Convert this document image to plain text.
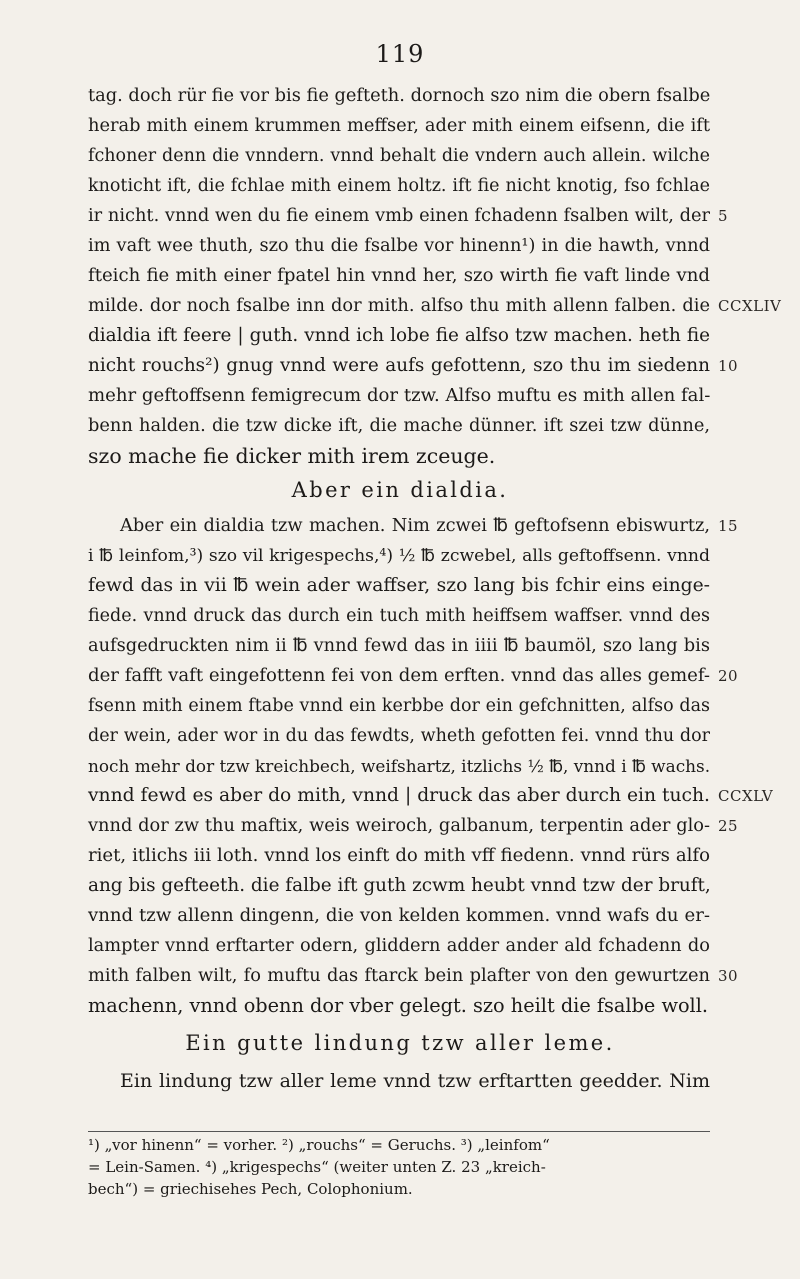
119
tag. doch rür fie vor bis fie gefteth. dornoch szo nim die obern fsalbe
herab mith einem krummen meffser, ader mith einem eifsenn, die ift
fchoner denn die vnndern. vnnd behalt die vndern auch allein. wilche
knoticht ift, die fchlae mith einem holtz. ift fie nicht knotig, fso fchlae
ir nicht. vnnd wen du fie einem vmb einen fchadenn fsalben wilt, der
im vaft wee thuth, szo thu die fsalbe vor hinenn¹) in die hawth, vnnd
fteich fie mith einer fpatel hin vnnd her, szo wirth fie vaft linde vnd
milde. dor noch fsalbe inn dor mith. alfso thu mith allenn falben. die
dialdia ift feere | guth. vnnd ich lobe fie alfso tzw machen. heth fie
nicht rouchs²) gnug vnnd were aufs gefottenn, szo thu im siedenn
mehr geftoffsenn femigrecum dor tzw. Alfso muftu es mith allen fal-
benn halden. die tzw dicke ift, die mache dünner. ift szei tzw dünne,
szo mache fie dicker mith irem zceuge.
Aber ein dialdia.
Aber ein dialdia tzw machen. Nim zcwei ℔ geftofsenn ebiswurtz,
i ℔ leinfom,³) szo vil krigespechs,⁴) ½ ℔ zcwebel, alls geftoffsenn. vnnd
fewd das in vii ℔ wein ader waffser, szo lang bis fchir eins einge-
fiede. vnnd druck das durch ein tuch mith heiffsem waffser. vnnd des
aufsgedruckten nim ii ℔ vnnd fewd das in iiii ℔ baumöl, szo lang bis
der fafft vaft eingefottenn fei von dem erften. vnnd das alles gemef-
fsenn mith einem ftabe vnnd ein kerbbe dor ein gefchnitten, alfso das
der wein, ader wor in du das fewdts, wheth gefotten fei. vnnd thu dor
noch mehr dor tzw kreichbech, weifshartz, itzlichs ½ ℔, vnnd i ℔ wachs.
vnnd fewd es aber do mith, vnnd | druck das aber durch ein tuch.
vnnd dor zw thu maftix, weis weiroch, galbanum, terpentin ader glo-
riet, itlichs iii loth. vnnd los einft do mith vff fiedenn. vnnd rürs alfo
ang bis gefteeth. die falbe ift guth zcwm heubt vnnd tzw der bruft,
vnnd tzw allenn dingenn, die von kelden kommen. vnnd wafs du er-
lampter vnnd erftarter odern, gliddern adder ander ald fchadenn do
mith falben wilt, fo muftu das ftarck bein plafter von den gewurtzen
machenn, vnnd obenn dor vber gelegt. szo heilt die fsalbe woll.
Ein gutte lindung tzw aller leme.
Ein lindung tzw aller leme vnnd tzw erftartten geedder. Nim
5
CCXLIV
10
15
20
CCXLV
25
30
¹) „vor hinenn“ = vorher. ²) „rouchs“ = Geruchs. ³) „leinfom“
= Lein-Samen. ⁴) „krigespechs“ (weiter unten Z. 23 „kreich-
bech“) = griechisehes Pech, Colophonium.
